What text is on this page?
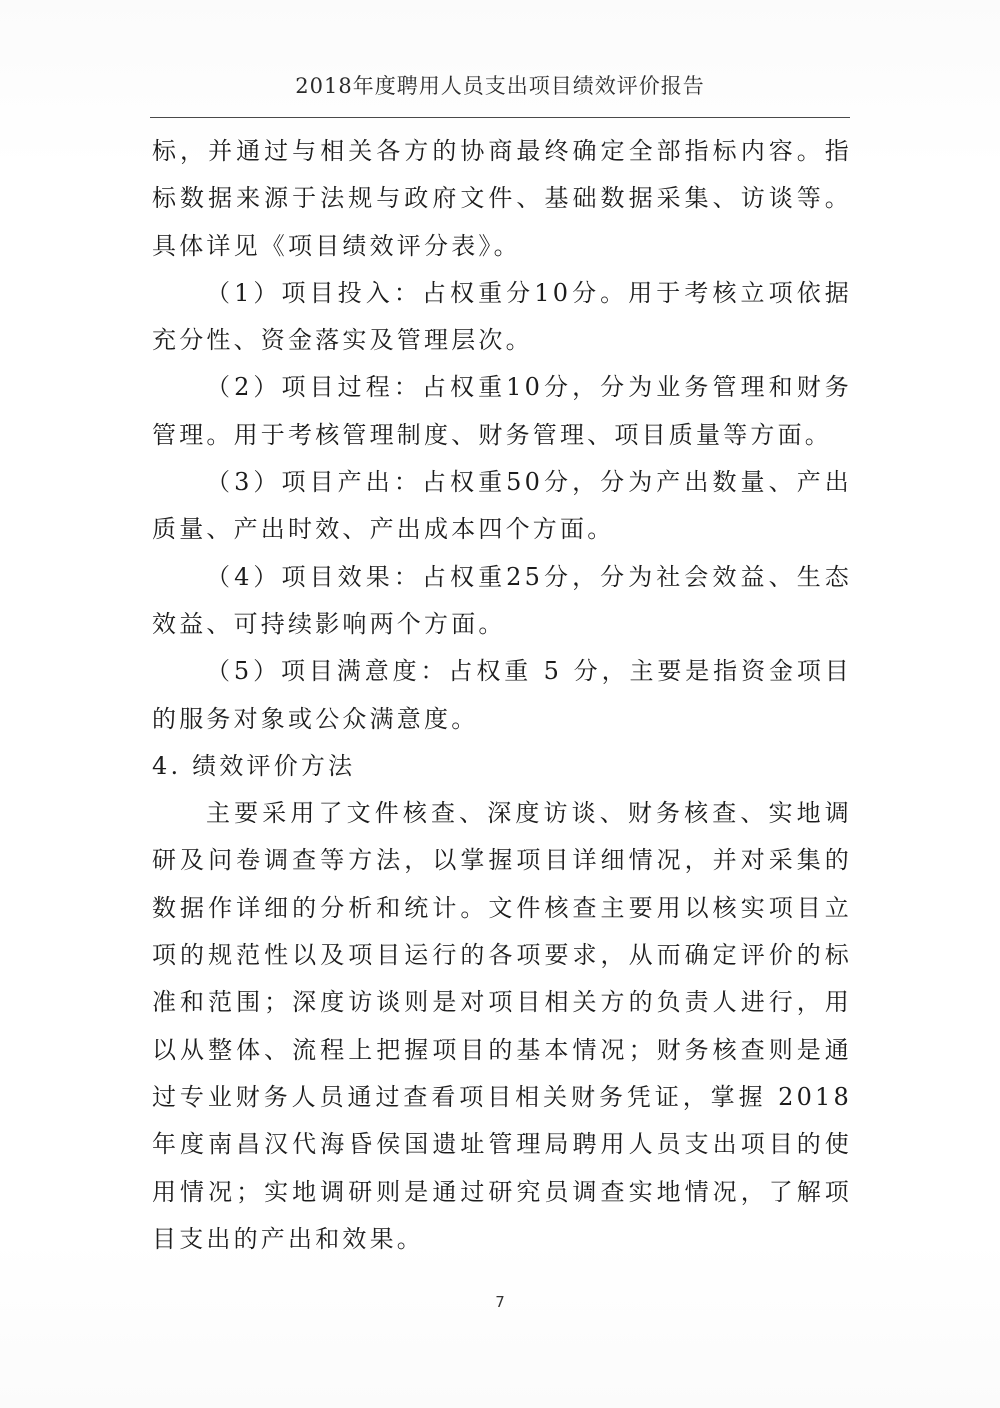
2018年度聘用人员支出项目绩效评价报告

标，并通过与相关各方的协商最终确定全部指标内容。指标数据来源于法规与政府文件、基础数据采集、访谈等。具体详见《项目绩效评分表》。

（1）项目投入：占权重分10分。用于考核立项依据充分性、资金落实及管理层次。

（2）项目过程：占权重10分，分为业务管理和财务管理。用于考核管理制度、财务管理、项目质量等方面。

（3）项目产出：占权重50分，分为产出数量、产出质量、产出时效、产出成本四个方面。

（4）项目效果：占权重25分，分为社会效益、生态效益、可持续影响两个方面。

（5）项目满意度：占权重 5 分，主要是指资金项目的服务对象或公众满意度。

4. 绩效评价方法

主要采用了文件核查、深度访谈、财务核查、实地调研及问卷调查等方法，以掌握项目详细情况，并对采集的数据作详细的分析和统计。文件核查主要用以核实项目立项的规范性以及项目运行的各项要求，从而确定评价的标准和范围；深度访谈则是对项目相关方的负责人进行，用以从整体、流程上把握项目的基本情况；财务核查则是通过专业财务人员通过查看项目相关财务凭证，掌握 2018 年度南昌汉代海昏侯国遗址管理局聘用人员支出项目的使用情况；实地调研则是通过研究员调查实地情况，了解项目支出的产出和效果。

7
